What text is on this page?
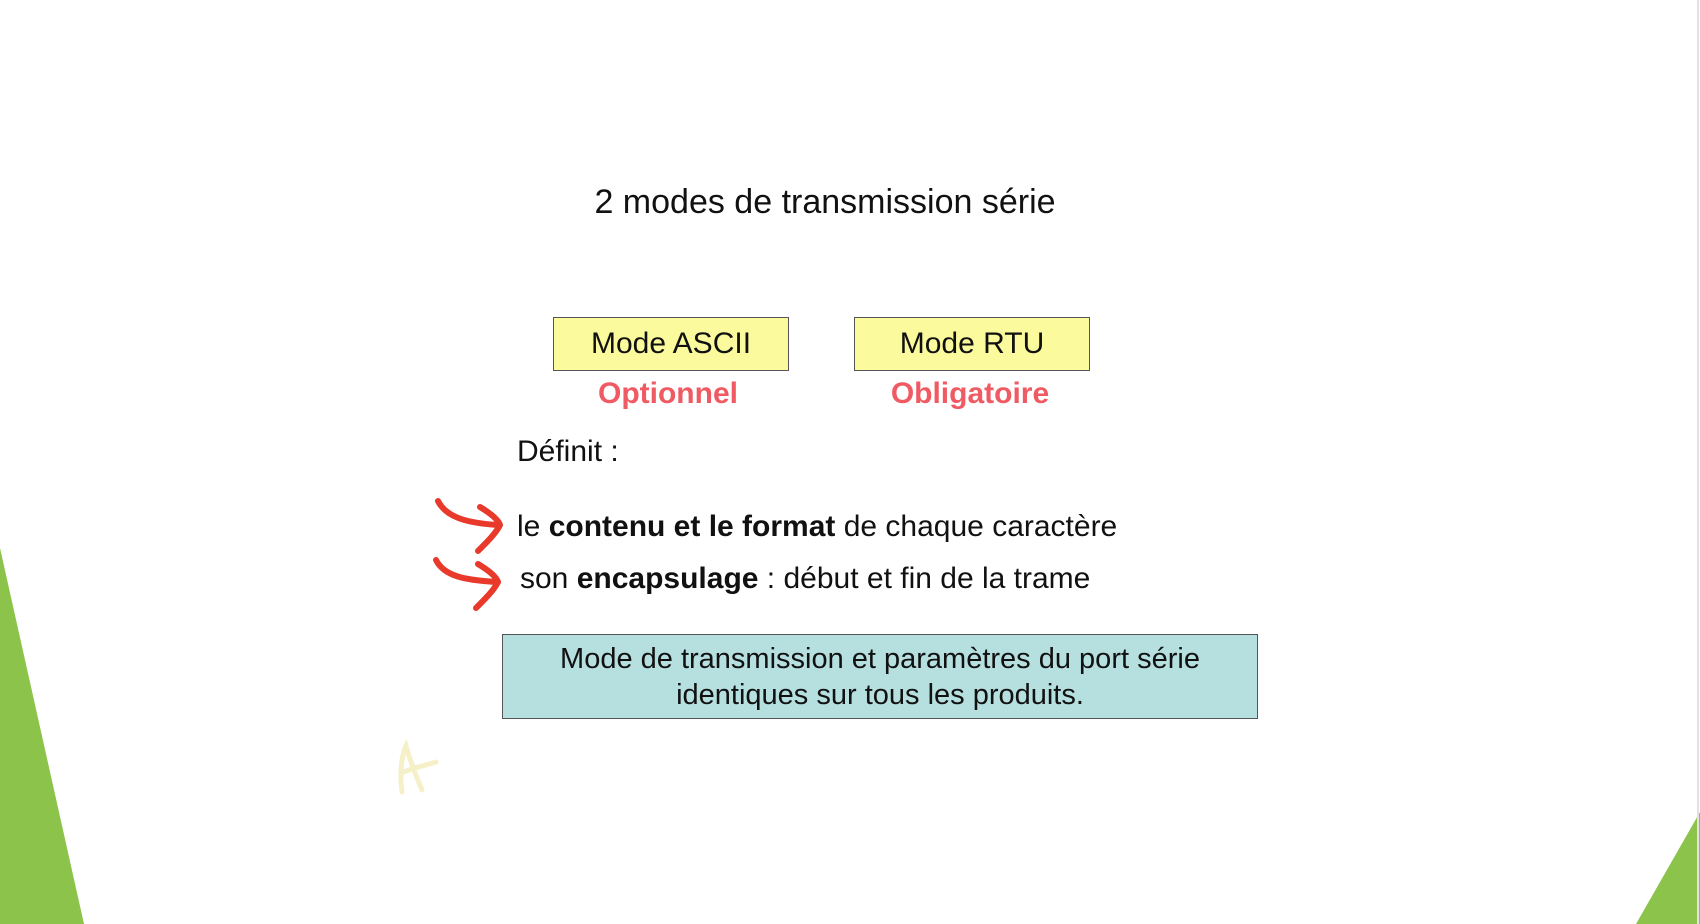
2 modes de transmission série
Mode ASCII	Mode RTU
Optionnel	Obligatoire
Définit :
le contenu et le format de chaque caractère
son encapsulage : début et fin de la trame
Mode de transmission et paramètres du port série
identiques sur tous les produits.
